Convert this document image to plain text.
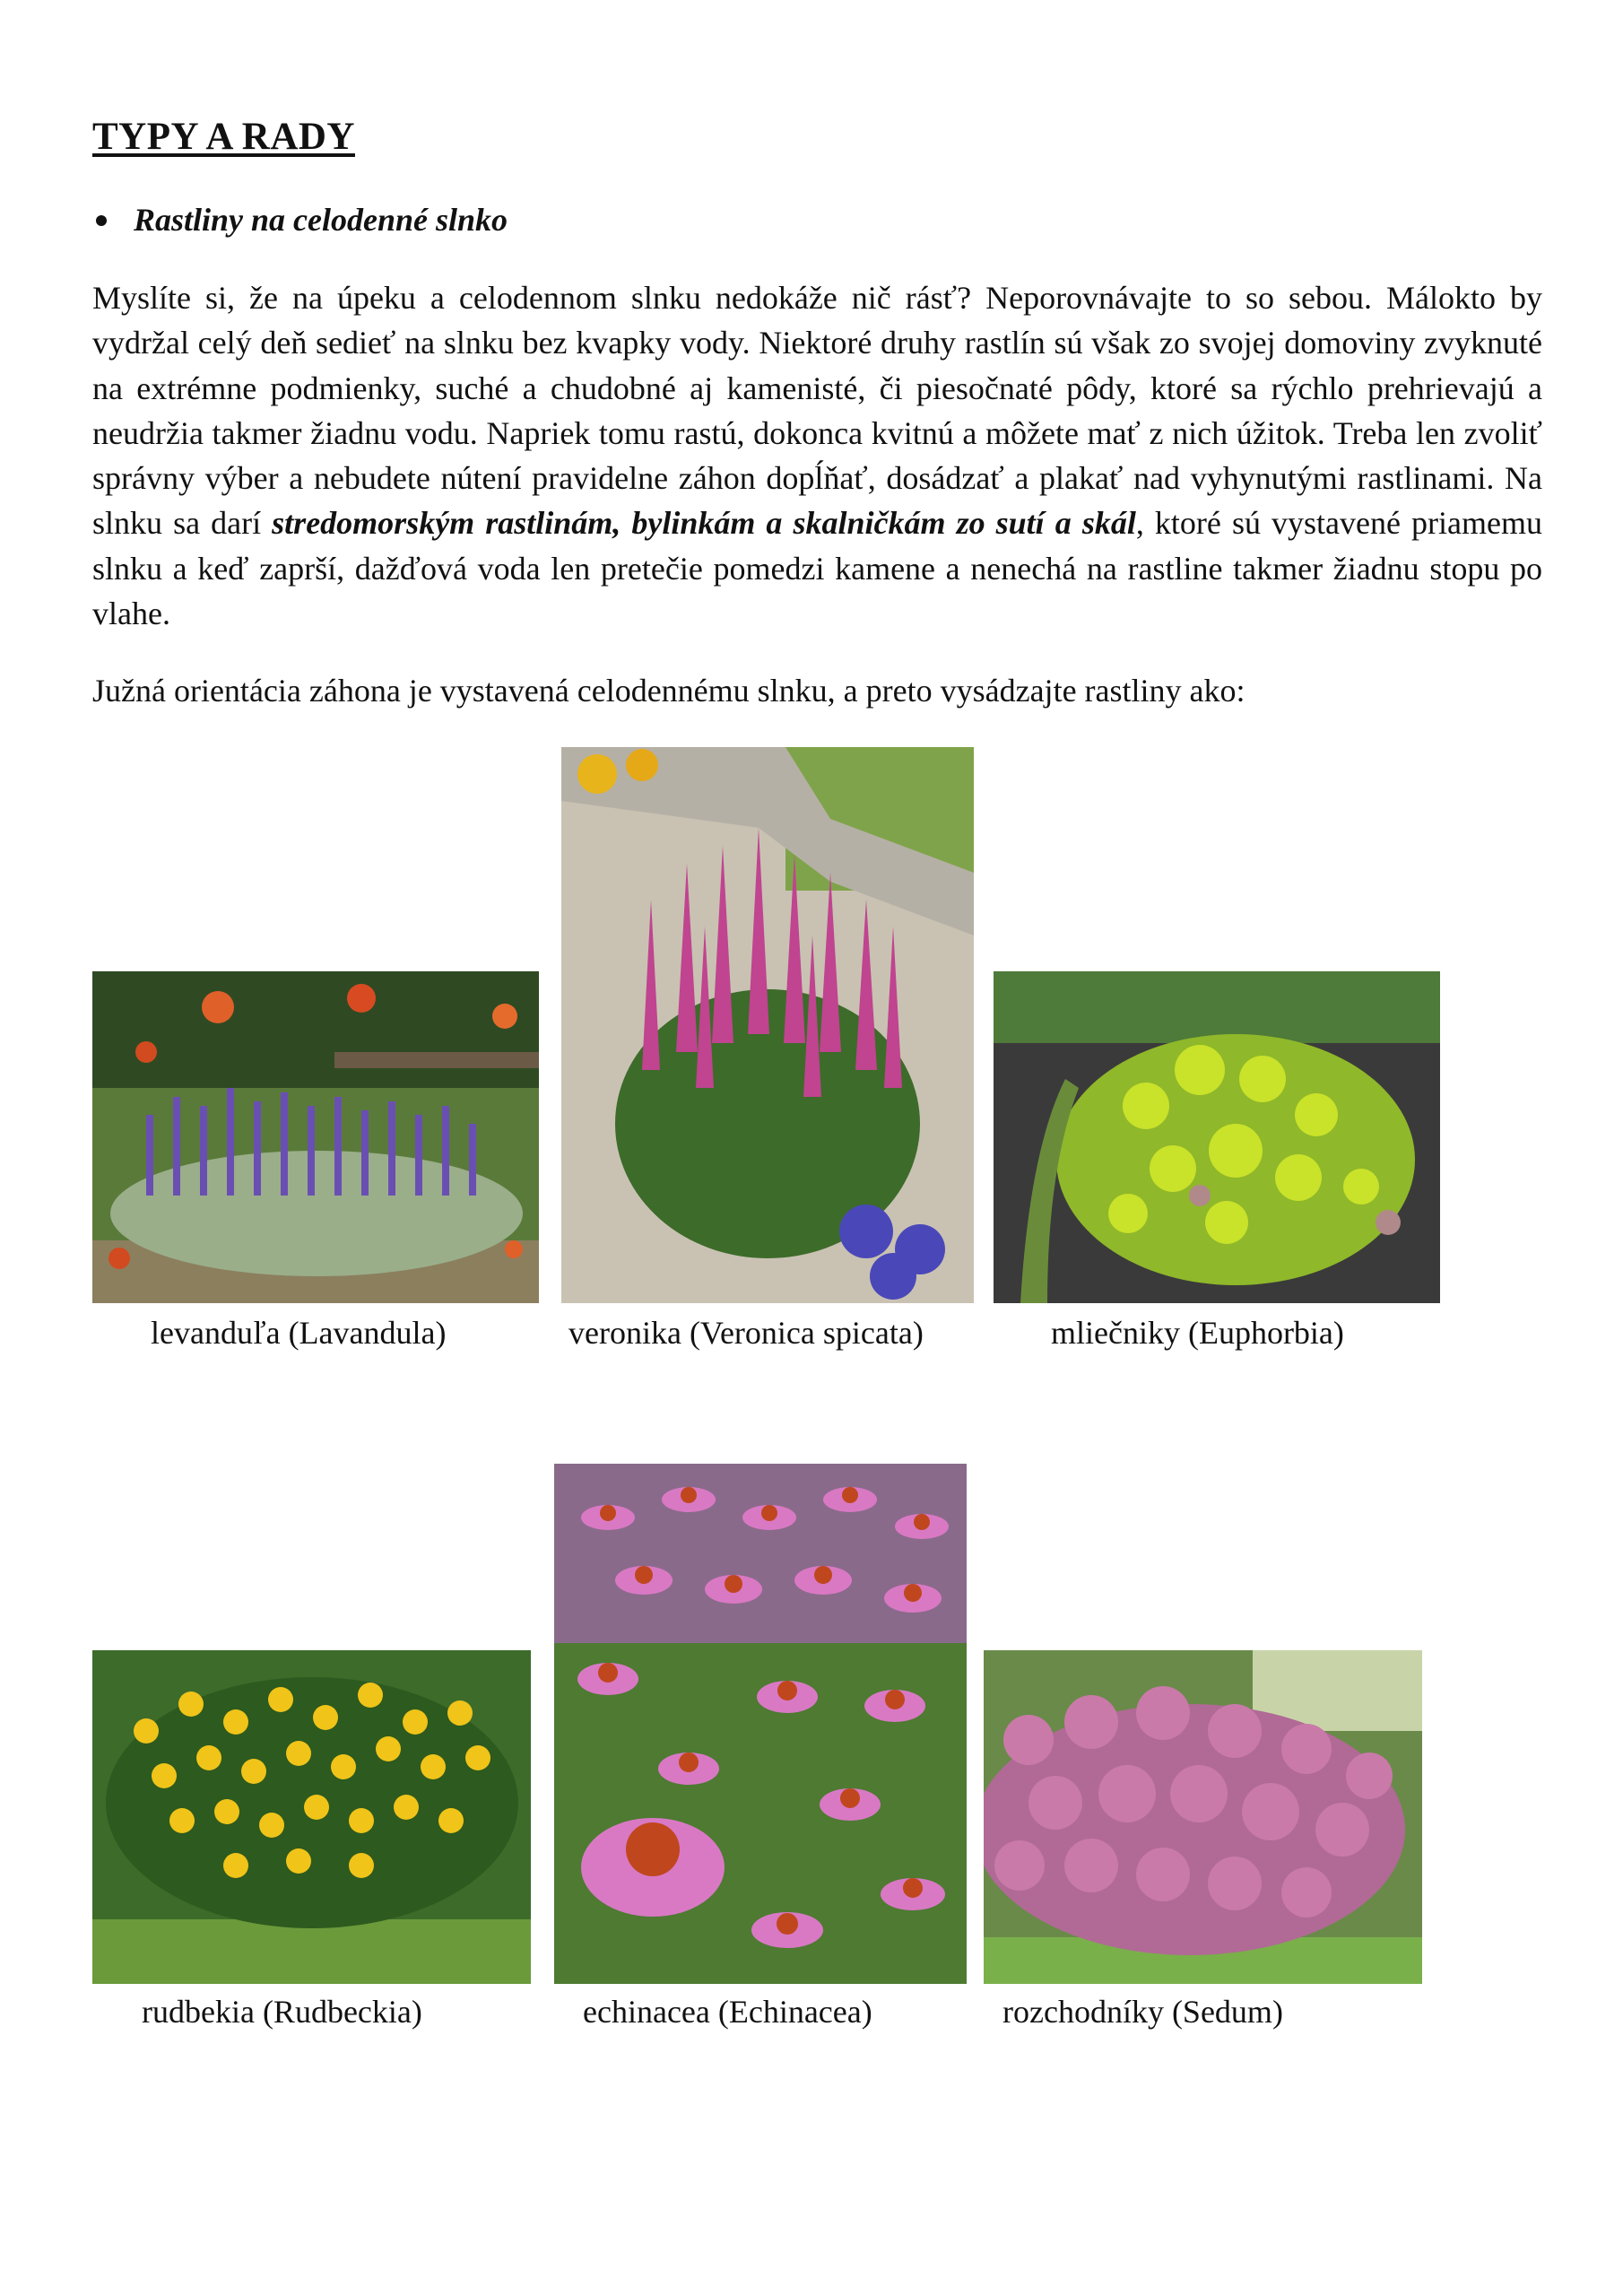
TYPY A RADY
Rastliny na celodenné slnko

Myslíte si, že na úpeku a celodennom slnku nedokáže nič rásť? Neporovnávajte to so sebou. Málokto by vydržal celý deň sedieť na slnku bez kvapky vody. Niektoré druhy rastlín sú však zo svojej domoviny zvyknuté na extrémne podmienky, suché a chudobné aj kamenisté, či piesočnaté pôdy, ktoré sa rýchlo prehrievajú a neudržia takmer žiadnu vodu. Napriek tomu rastú, dokonca kvitnú a môžete mať z nich úžitok. Treba len zvoliť správny výber a nebudete nútení pravidelne záhon dopĺňať, dosádzať a plakať nad vyhynutými rastlinami. Na slnku sa darí stredomorským rastlinám, bylinkám a skalničkám zo sutí a skál, ktoré sú vystavené priamemu slnku a keď zaprší, dažďová voda len pretečie pomedzi kamene a nenechá na rastline takmer žiadnu stopu po vlahe.

Južná orientácia záhona je vystavená celodennému slnku, a preto vysádzajte rastliny ako:

levanduľa (Lavandula)	veronika (Veronica spicata)	mliečniky (Euphorbia)
rudbekia (Rudbeckia)	echinacea (Echinacea)	rozchodníky (Sedum)
